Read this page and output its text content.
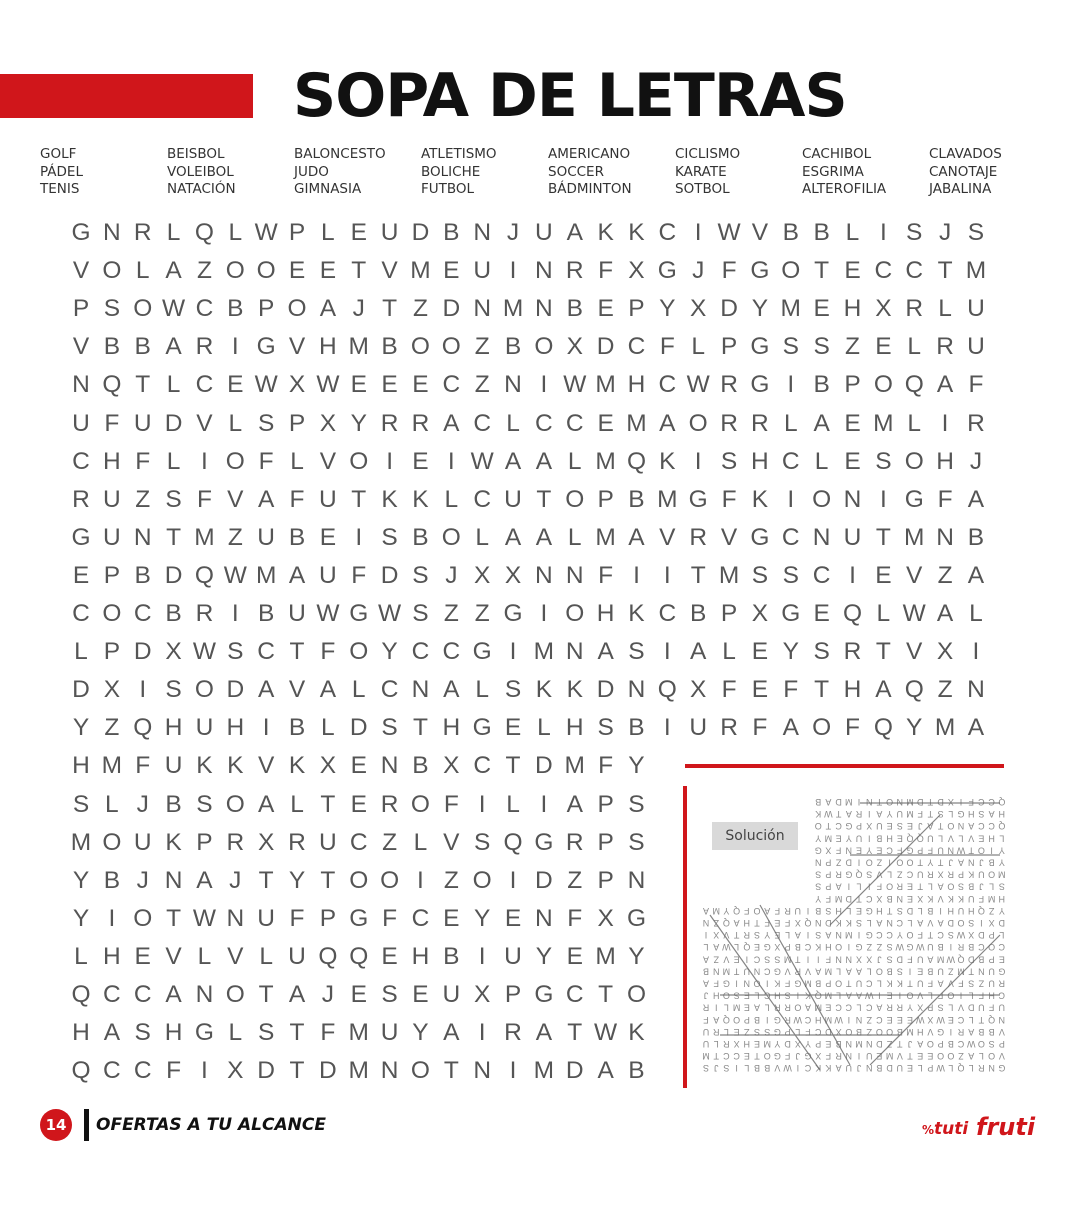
SOPA DE LETRAS
GOLF
PÁDEL
TENIS
BEISBOL
VOLEIBOL
NATACIÓN
BALONCESTO
JUDO
GIMNASIA
ATLETISMO
BOLICHE
FUTBOL
AMERICANO
SOCCER
BÁDMINTON
CICLISMO
KARATE
SOTBOL
CACHIBOL
ESGRIMA
ALTEROFILIA
CLAVADOS
CANOTAJE
JABALINA
G N R L Q L W P L E U D B N J U A K K C I W V B B L I S J S
V O L A Z O O E E T V M E U I N R F X G J F G O T E C C T M
P S O W C B P O A J T Z D N M N B E P Y X D Y M E H X R L U
V B B A R I G V H M B O O Z B O X D C F L P G S S Z E L R U
N Q T L C E W X W E E E C Z N I W M H C W R G I B P O Q A F
U F U D V L S P X Y R R A C L C C E M A O R R L A E M L I R
C H F L I O F L V O I E I W A A L M Q K I S H C L E S O H J
R U Z S F V A F U T K K L C U T O P B M G F K I O N I G F A
G U N T M Z U B E I S B O L A A L M A V R V G C N U T M N B
E P B D Q W M A U F D S J X X N N F I I T M S S C I E V Z A
C O C B R I B U W G W S Z Z G I O H K C B P X G E Q L W A L
L P D X W S C T F O Y C C G I M N A S I A L E Y S R T V X I
D X I S O D A V A L C N A L S K K D N Q X F E F T H A Q Z N
Y Z Q H U H I B L D S T H G E L H S B I U R F A O F Q Y M A
H M F U K K V K X E N B X C T D M F Y
S L J B S O A L T E R O F I L I A P S
M O U K P R X R U C Z L V S Q G R P S
Y B J N A J T Y T O O I Z O I D Z P N
Y I O T W N U F P G F C E Y E N F X G
L H E V L V L U Q Q E H B I U Y E M Y
Q C C A N O T A J E S E U X P G C T O
H A S H G L S T F M U Y A I R A T W K
Q C C F I X D T D M N O T N I M D A B
Solución
S J S I L B B V W I C K K A U J N B D U E L P W L Q L R N G
M T C C E T O G F J G X F R N I U E M V T E E O O Z A L O V
U L R X H E M Y D X Y P E B N M N D Z T J A O P B C W O S P
U R L E Z S S G P L F C D X O B Z O O B M H V G I R A B B V
F A Q O P B I G R W C H M W I N Z C E E E W X W E C L T Q N
R I L M E A L R R O A M E C C L C A R R Y X P S L V D U F U
J H O S E L C H S I K Q M L A A W I E I O V L F O I L F H C
A F G I N O I K F G M B P O T U C L K K T U F A V F S Z U R
B N M T U N C G V R V A M L A A L O B S I E B U Z M T N U G
A Z V E I C S S M T I I F N N X X J S D F U A M W Q D B P E
L A W L Q E G X P B C K H O I G Z Z S W G W U B I R B C O C
I X V T R S Y E L A I S A N M I G C C Y O F T C S W X D P L
N Z Q A H T F E F X Q N D K K S L A N C L A V A D O S I X D
A M Y Q F O A F R U I B S H L E G H T S D L B I H U H Q Z Y
Y F M D T C X B N E X K V K K U F M H
S P A I L I F O R E T L A O S B J L S
S P R G Q S V L Z C U R X R P K U O M
N P Z D I O Z I O O T Y T J A N J B Y
G X F N E Y E C F G P F U N W T O I Y
Y M E Y U I B H E Q Q U L V L V E H L
O T C G P X U E S E J A T O N A C C Q
K W T A R I A Y U M F T S L G H S A H
B A D M I N T O N M D T D X I F C C Q
14	OFERTAS A TU ALCANCE	% tuti fruti
